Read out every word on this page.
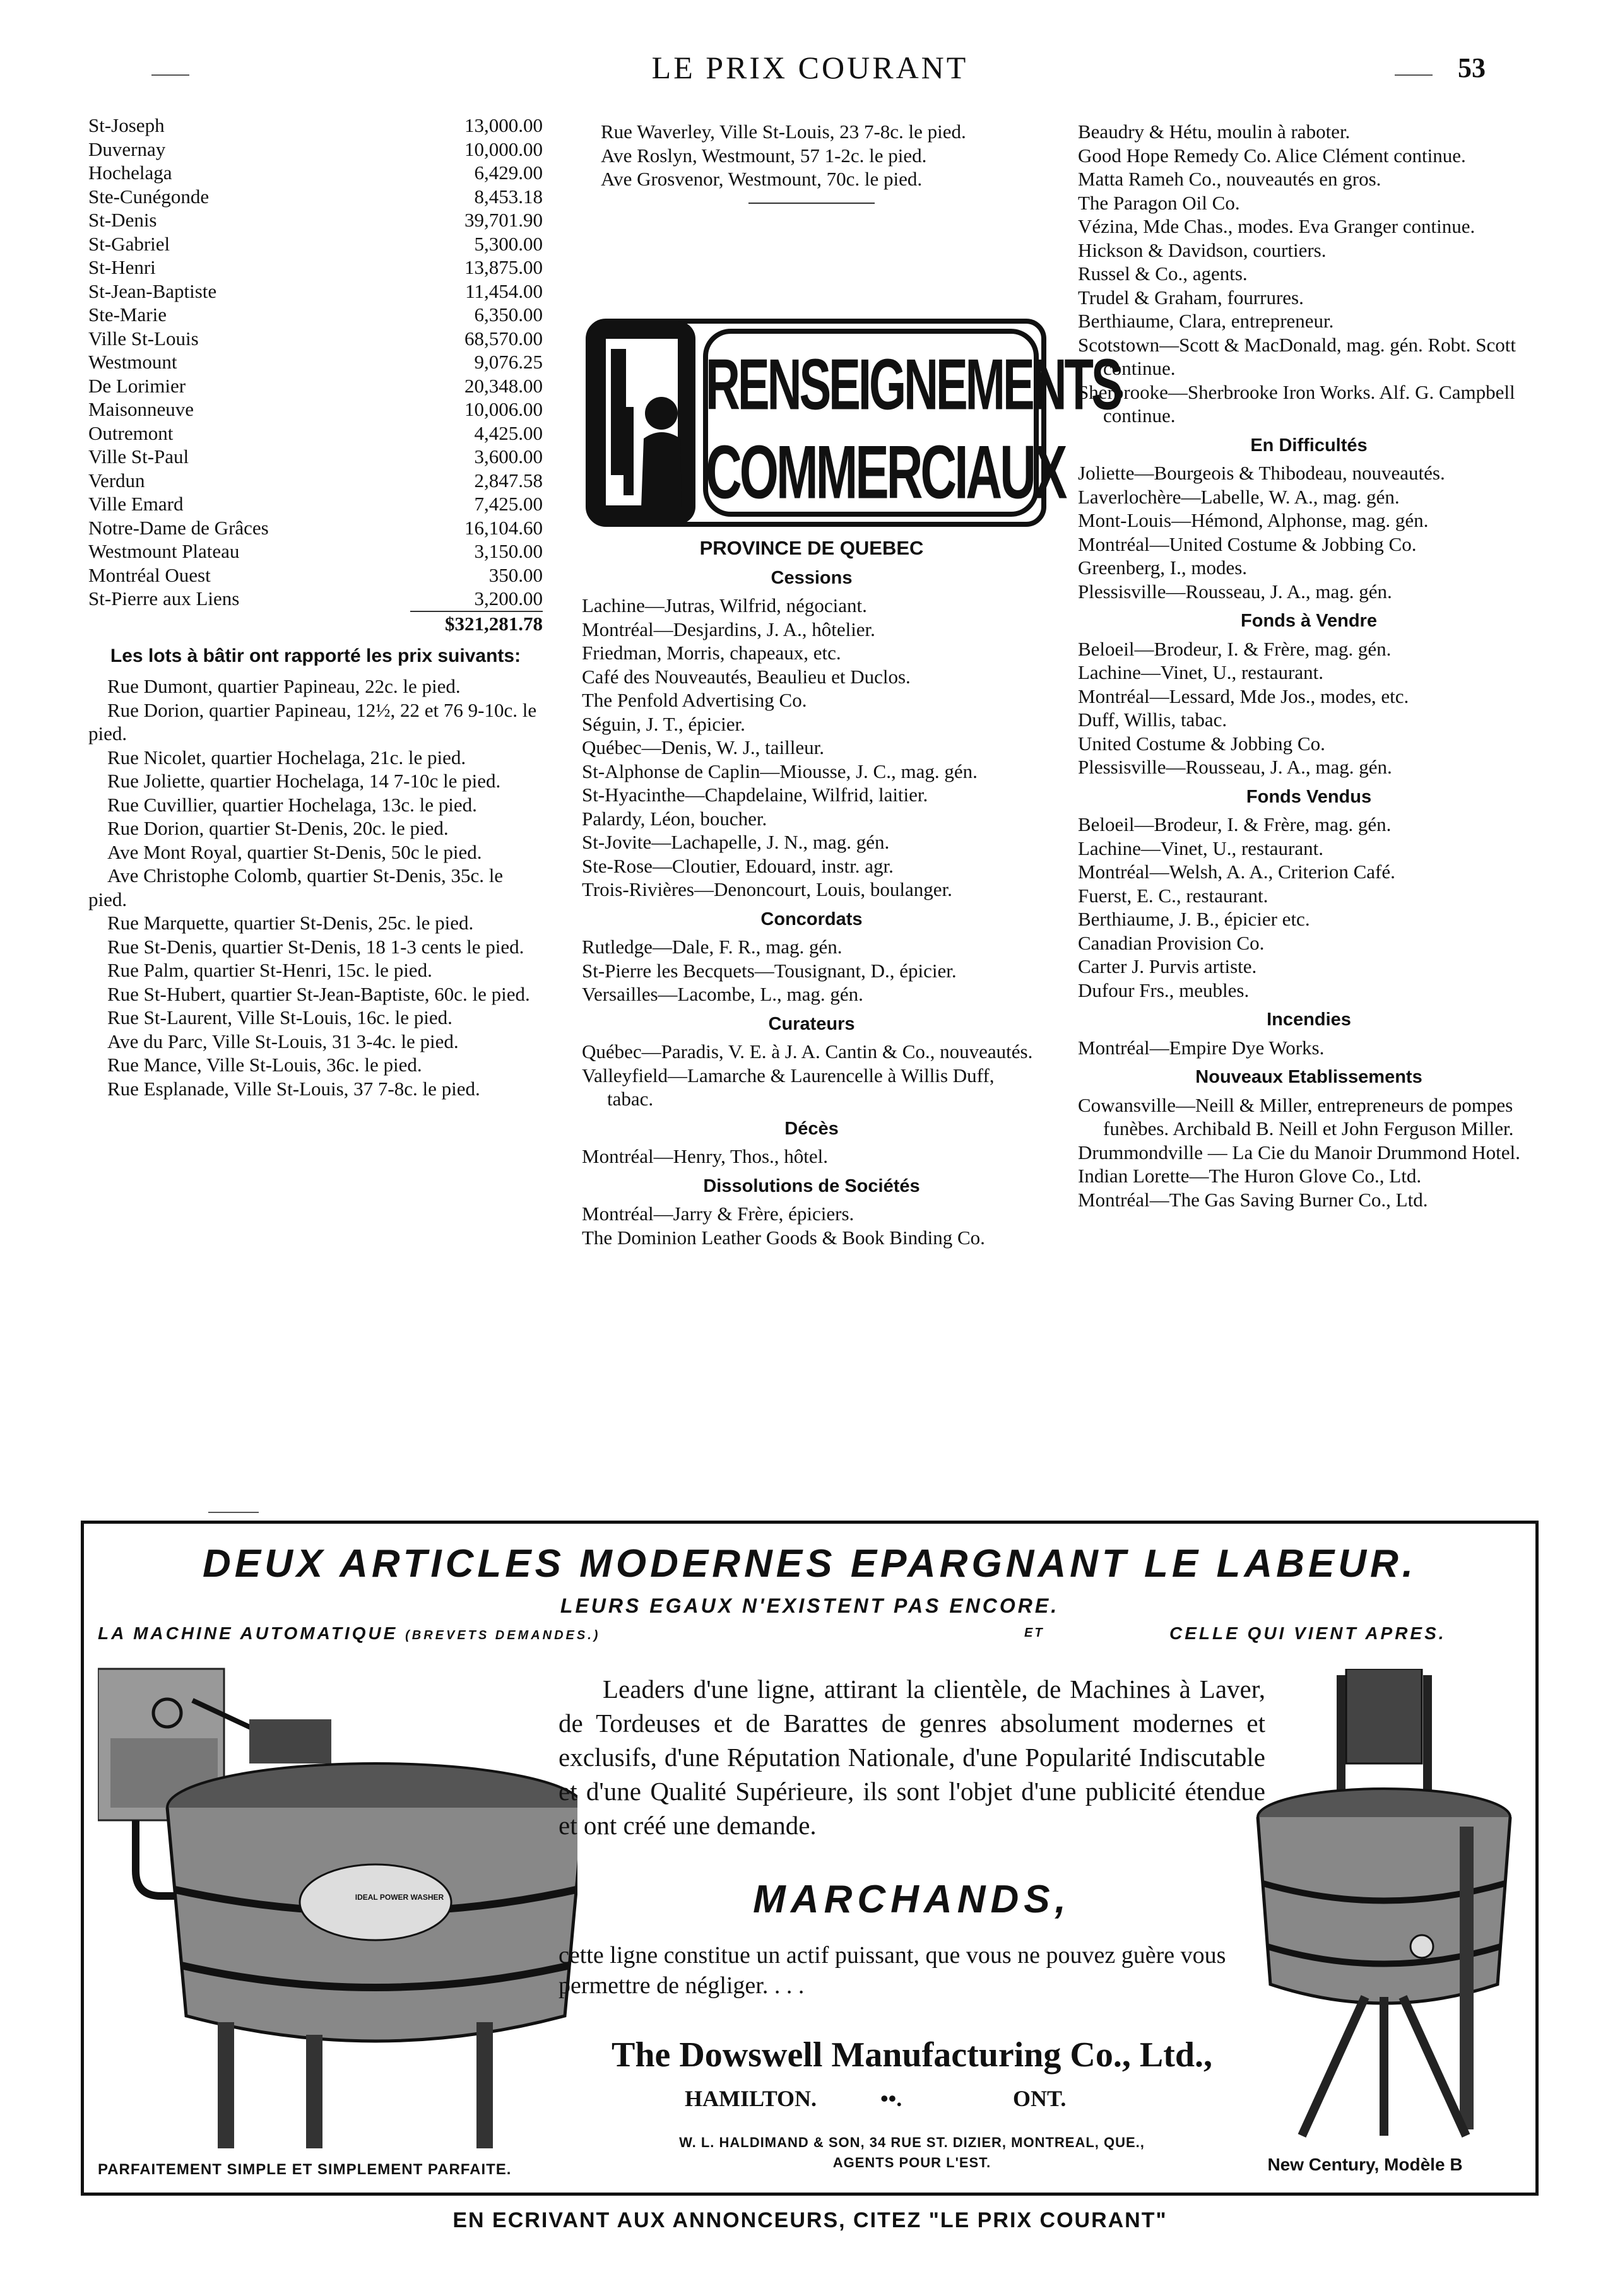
LE PRIX COURANT	53
St-Joseph	13,000.00
Duvernay	10,000.00
Hochelaga	6,429.00
Ste-Cunégonde	8,453.18
St-Denis	39,701.90
St-Gabriel	5,300.00
St-Henri	13,875.00
St-Jean-Baptiste	11,454.00
Ste-Marie	6,350.00
Ville St-Louis	68,570.00
Westmount	9,076.25
De Lorimier	20,348.00
Maisonneuve	10,006.00
Outremont	4,425.00
Ville St-Paul	3,600.00
Verdun	2,847.58
Ville Emard	7,425.00
Notre-Dame de Grâces	16,104.60
Westmount Plateau	3,150.00
Montréal Ouest	350.00
St-Pierre aux Liens	3,200.00

	$321,281.78
Les lots à bâtir ont rapporté les prix suivants:

Rue Dumont, quartier Papineau, 22c. le pied.

Rue Dorion, quartier Papineau, 12½, 22 et 76 9-10c. le pied.

Rue Nicolet, quartier Hochelaga, 21c. le pied.

Rue Joliette, quartier Hochelaga, 14 7-10c le pied.

Rue Cuvillier, quartier Hochelaga, 13c. le pied.

Rue Dorion, quartier St-Denis, 20c. le pied.

Ave Mont Royal, quartier St-Denis, 50c le pied.

Ave Christophe Colomb, quartier St-Denis, 35c. le pied.

Rue Marquette, quartier St-Denis, 25c. le pied.

Rue St-Denis, quartier St-Denis, 18 1-3 cents le pied.

Rue Palm, quartier St-Henri, 15c. le pied.

Rue St-Hubert, quartier St-Jean-Baptiste, 60c. le pied.

Rue St-Laurent, Ville St-Louis, 16c. le pied.

Ave du Parc, Ville St-Louis, 31 3-4c. le pied.

Rue Mance, Ville St-Louis, 36c. le pied.

Rue Esplanade, Ville St-Louis, 37 7-8c. le pied.

Rue Waverley, Ville St-Louis, 23 7-8c. le pied.

Ave Roslyn, Westmount, 57 1-2c. le pied.

Ave Grosvenor, Westmount, 70c. le pied.

RENSEIGNEMENTS
COMMERCIAUX
PROVINCE DE QUEBEC
Cessions

Lachine—Jutras, Wilfrid, négociant.

Montréal—Desjardins, J. A., hôtelier.

Friedman, Morris, chapeaux, etc.

Café des Nouveautés, Beaulieu et Duclos.

The Penfold Advertising Co.

Séguin, J. T., épicier.

Québec—Denis, W. J., tailleur.

St-Alphonse de Caplin—Miousse, J. C., mag. gén.

St-Hyacinthe—Chapdelaine, Wilfrid, laitier.

Palardy, Léon, boucher.

St-Jovite—Lachapelle, J. N., mag. gén.

Ste-Rose—Cloutier, Edouard, instr. agr.

Trois-Rivières—Denoncourt, Louis, boulanger.

Concordats

Rutledge—Dale, F. R., mag. gén.

St-Pierre les Becquets—Tousignant, D., épicier.

Versailles—Lacombe, L., mag. gén.

Curateurs

Québec—Paradis, V. E. à J. A. Cantin & Co., nouveautés.

Valleyfield—Lamarche & Laurencelle à Willis Duff, tabac.

Décès

Montréal—Henry, Thos., hôtel.

Dissolutions de Sociétés

Montréal—Jarry & Frère, épiciers.

The Dominion Leather Goods & Book Binding Co.

Beaudry & Hétu, moulin à raboter.

Good Hope Remedy Co. Alice Clément continue.

Matta Rameh Co., nouveautés en gros.

The Paragon Oil Co.

Vézina, Mde Chas., modes. Eva Granger continue.

Hickson & Davidson, courtiers.

Russel & Co., agents.

Trudel & Graham, fourrures.

Berthiaume, Clara, entrepreneur.

Scotstown—Scott & MacDonald, mag. gén. Robt. Scott continue.

Sherbrooke—Sherbrooke Iron Works. Alf. G. Campbell continue.

En Difficultés

Joliette—Bourgeois & Thibodeau, nouveautés.

Laverlochère—Labelle, W. A., mag. gén.

Mont-Louis—Hémond, Alphonse, mag. gén.

Montréal—United Costume & Jobbing Co.

Greenberg, I., modes.

Plessisville—Rousseau, J. A., mag. gén.

Fonds à Vendre

Beloeil—Brodeur, I. & Frère, mag. gén.

Lachine—Vinet, U., restaurant.

Montréal—Lessard, Mde Jos., modes, etc.

Duff, Willis, tabac.

United Costume & Jobbing Co.

Plessisville—Rousseau, J. A., mag. gén.

Fonds Vendus

Beloeil—Brodeur, I. & Frère, mag. gén.

Lachine—Vinet, U., restaurant.

Montréal—Welsh, A. A., Criterion Café.

Fuerst, E. C., restaurant.

Berthiaume, J. B., épicier etc.

Canadian Provision Co.

Carter J. Purvis artiste.

Dufour Frs., meubles.

Incendies

Montréal—Empire Dye Works.

Nouveaux Etablissements

Cowansville—Neill & Miller, entrepreneurs de pompes funèbes. Archibald B. Neill et John Ferguson Miller.

Drummondville — La Cie du Manoir Drummond Hotel.

Indian Lorette—The Huron Glove Co., Ltd.

Montréal—The Gas Saving Burner Co., Ltd.

DEUX ARTICLES MODERNES EPARGNANT LE LABEUR.
LEURS EGAUX N'EXISTENT PAS ENCORE.
LA MACHINE AUTOMATIQUE (BREVETS DEMANDES.)	ET	CELLE QUI VIENT APRES.
IDEAL POWER WASHER
PARFAITEMENT SIMPLE ET SIMPLEMENT PARFAITE.
Leaders d'une ligne, attirant la clientèle, de Machines à Laver, de Tordeuses et de Barattes de genres absolument modernes et exclusifs, d'une Réputation Nationale, d'une Popularité Indiscutable et d'une Qualité Supérieure, ils sont l'objet d'une publicité étendue et ont créé une demande.
MARCHANDS,
cette ligne constitue un actif puissant, que vous ne pouvez guère vous permettre de négliger. . . .
The Dowswell Manufacturing Co., Ltd.,
HAMILTON.	••.	ONT.
W. L. HALDIMAND & SON, 34 RUE ST. DIZIER, MONTREAL, QUE.,
AGENTS POUR L'EST.	New Century, Modèle B
EN ECRIVANT AUX ANNONCEURS, CITEZ "LE PRIX COURANT"
